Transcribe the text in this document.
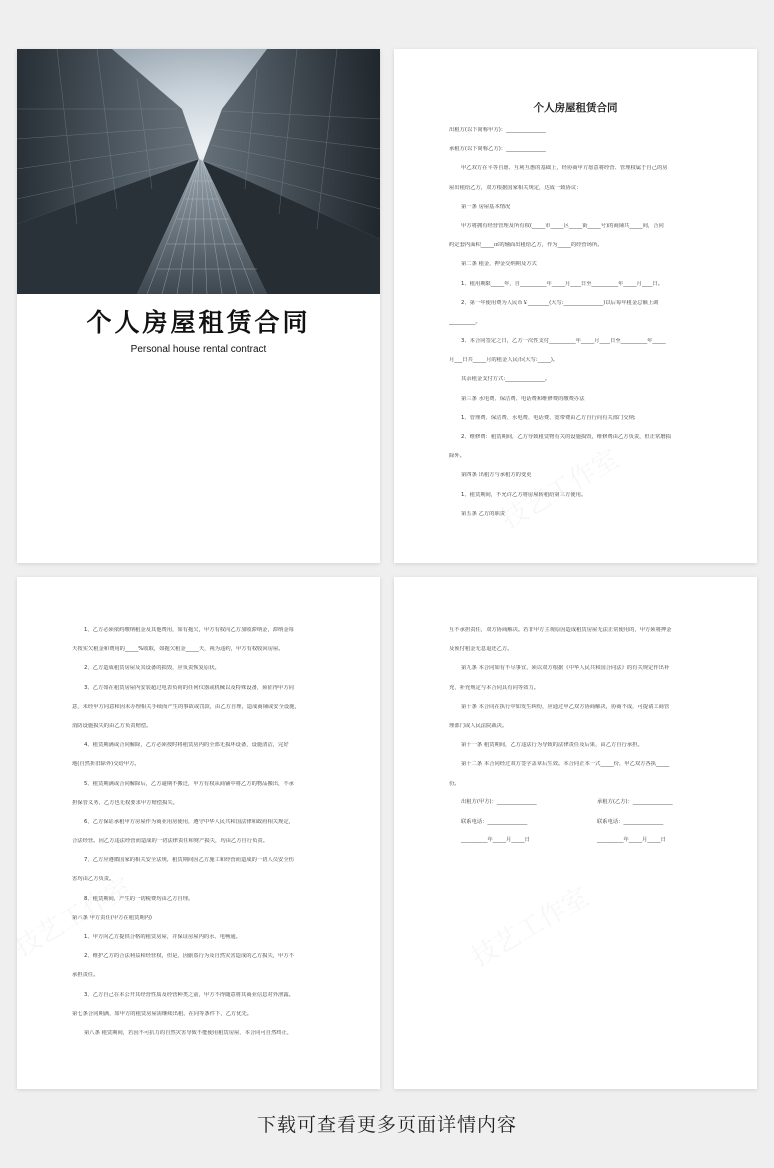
个人房屋租赁合同
Personal house rental contract
个人房屋租赁合同
出租方(以下简称甲方)：_______________
承租方(以下简称乙方)：_______________
甲乙双方在平等自愿、互利互惠的基础上，经协商甲方愿意将经营、管理权属于自己的房
屋出租给乙方，双方根据国家相关规定，达成一致协议：
第一条 房屋基本情况
甲方将拥有经营管理及所有权(_____市_____区_____街_____号)的商铺共_____间，合同
约定套内面积_____㎡的辅面出租给乙方，作为_____的经营场所。
第二条 租金、押金交纳期及方式
1、租用期限_____年，自__________年_____月____日至__________年_____月____日。
2、第一年使用费为人民币￥________(大写:_______________)以后每年租金总额上调
__________。
3、本合同签定之日，乙方一次性支付__________年_____月____日至__________年_____
月___日共_____月的租金人民币(大写:_____)。
其余租金支付方式:_______________。
第三条 水电费、保洁费、电话费和维修费的缴费办法
1、管理费、保洁费、水电费、电话费、宽带费由乙方自行向有关部门交纳;
2、维修费：租赁期间，乙方导致租赁物有关的设施损毁，维修费由乙方负责，但正常磨损
除外。
第四条 出租方与承租方的变更
1、租赁期间，不允许乙方将房屋转租给第三方使用。
第五条 乙方的职责
1、乙方必须依约缴纳租金及其他费用，如有拖欠，甲方有权向乙方加收滞纳金，滞纳金每
天按实欠租金和费用的_____%收取，如拖欠租金_____天，视为违约，甲方有权收回房屋。
2、乙方造成租赁房屋及其设备的损毁，应负责恢复原状。
3、乙方如在租赁房屋内安装超过电表负荷的任何仪器或机械以及特殊设备，须征得甲方同
意，未经甲方同意和因未办理相关手续而产生的事故或罚款，由乙方自理，造成商铺或安全设施，
消防设施损失的由乙方负责赔偿。
4、租赁期满或合同解除，乙方必须按时将租赁房内的全部无损坏设备，设施清洁，完好
地(自然折旧除外)交给甲方。
5、租赁期满或合同解除后，乙方逾期不搬迁，甲方有权从商铺中将乙方的物品搬出，不承
担保管义务，乙方也无权要求甲方赔偿损失。
6、乙方保证承租甲方房屋作为商业用房使用，遵守中华人民共和国法律和政府相关规定，
合法经营。因乙方违法经营而造成的一切法律责任和财产损失，均由乙方自行负责。
7、乙方应遵循国家的相关安全法规，租赁期间因乙方施工和经营而造成的一切人员安全伤
害均由乙方负责。
8、租赁期间，产生的一切税费均由乙方自理。
第六条 甲方责任(甲方在租赁期内)
1、甲方向乙方提供合格的租赁房屋，并保证房屋内的水、电畅通。
2、维护乙方的合法利益和经营权，但是，因偷盗行为及自然灾害造成的乙方损失，甲方不
承担责任。
3、乙方自己在本公开其经营性质及经营种类之前，甲方不得随意将其商业信息对外泄露。
第七条合同期满，如甲方的租赁房屋需继续出租，在同等条件下，乙方优先。
第八条 租赁期间，若因不可抗力的自然灾害导致不能使用租赁房屋，本合同可自然终止，
互不承担责任，双方协商解决。若非甲方主观原因造成租赁房屋无法正常使用的，甲方须将押金
及预付租金无息退还乙方。
第九条 本合同如有不尽事宜，须以双方根据《中华人民共和国合同法》的有关规定作出补
充，补充规定与本合同具有同等效力。
第十条 本合同在执行中如发生纠纷，应通过甲乙双方协商解决，协商不成，可提请工商管
理部门或人民法院裁决。
第十一条 租赁期间，乙方违法行为导致的法律责任及后果，由乙方自行承担。
第十二条 本合同经过双方签字盖章后生效。本合同正本一式_____份，甲乙双方各执_____
份。
出租方(甲方)：_______________	承租方(乙方)：_______________
联系电话：_______________	联系电话：_______________
__________年_____月_____日	__________年_____月_____日
下载可查看更多页面详情内容
